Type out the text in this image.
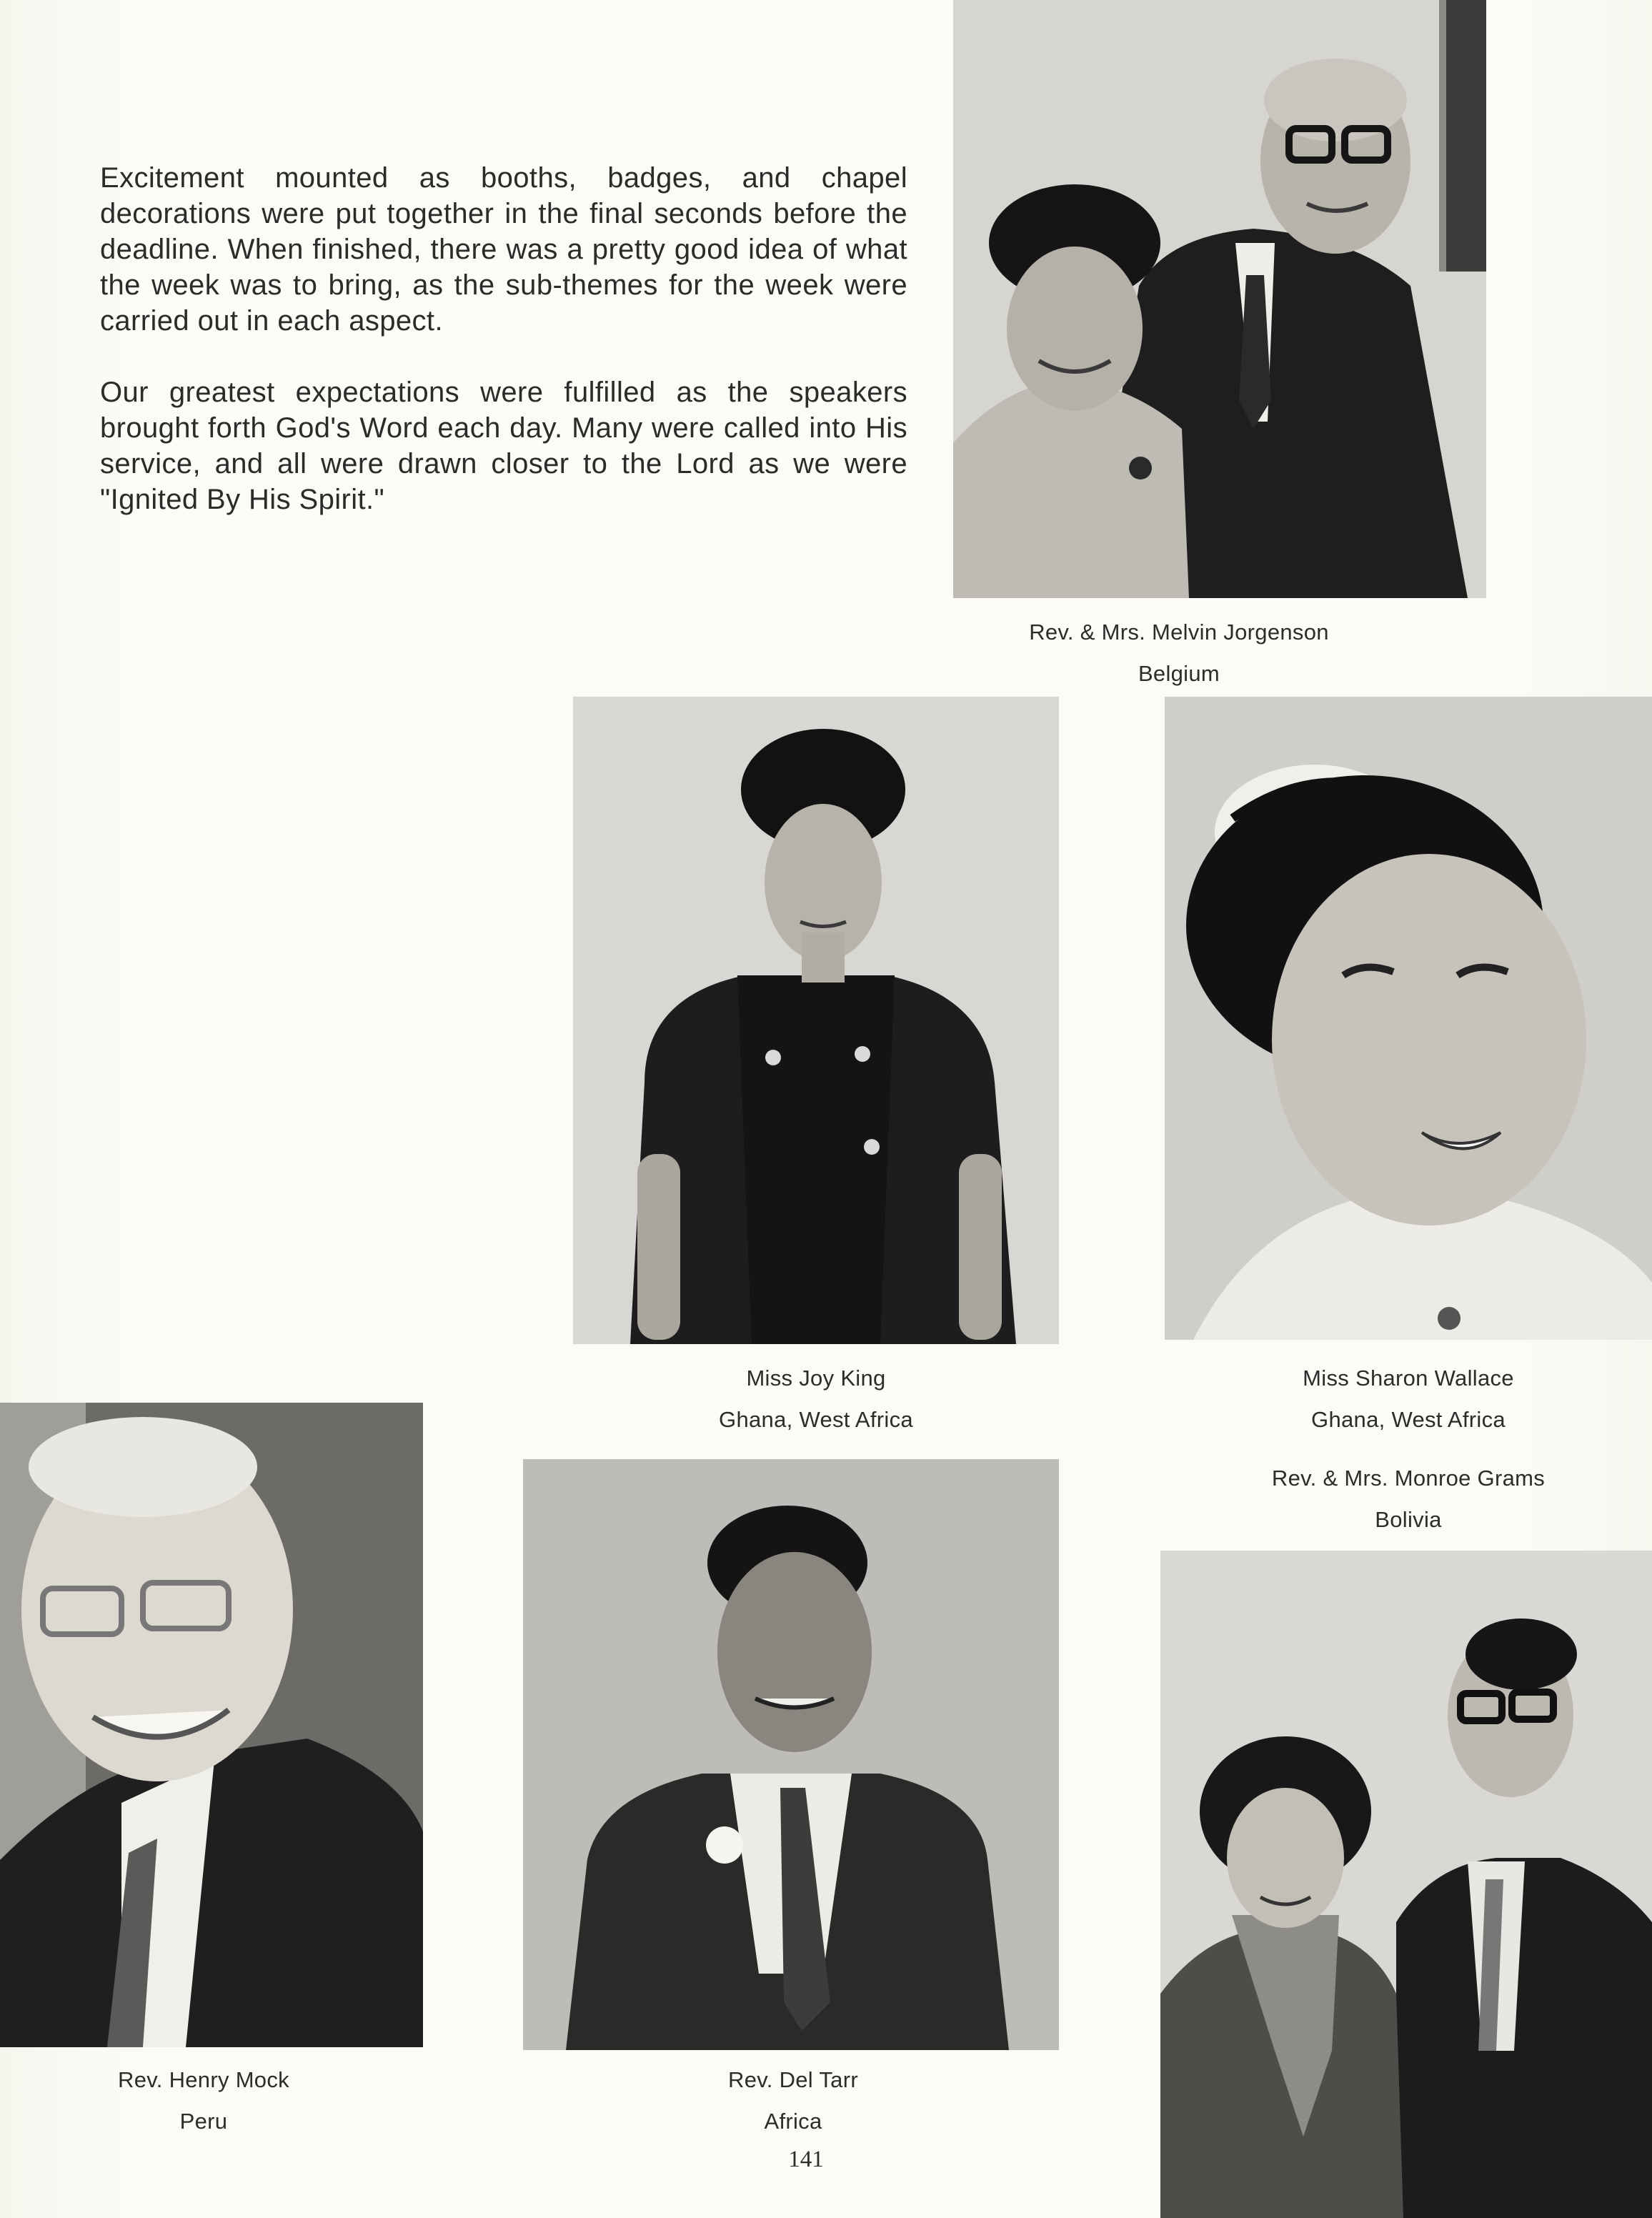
Excitement mounted as booths, badges, and chapel decorations were put together in the final seconds before the deadline. When finished, there was a pretty good idea of what the week was to bring, as the sub-themes for the week were carried out in each aspect.

Our greatest expectations were fulfilled as the speakers brought forth God's Word each day. Many were called into His service, and all were drawn closer to the Lord as we were "Ignited By His Spirit."

Rev. & Mrs. Melvin Jorgenson
Belgium
Miss Joy King
Ghana, West Africa
Miss Sharon Wallace
Ghana, West Africa
Rev. & Mrs. Monroe Grams
Bolivia
Rev. Henry Mock
Peru
Rev. Del Tarr
Africa
141
